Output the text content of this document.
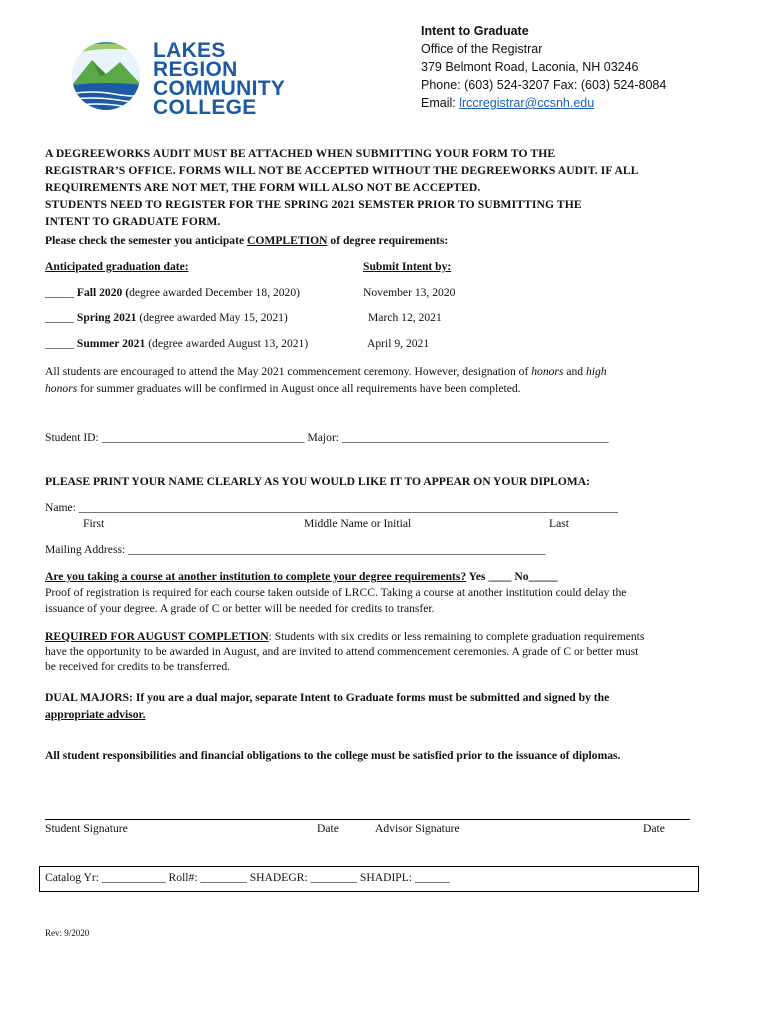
LAKES
REGION
COMMUNITY
COLLEGE
Intent to Graduate
Office of the Registrar
379 Belmont Road, Laconia, NH 03246
Phone: (603) 524-3207 Fax: (603) 524-8084
Email: lrccregistrar@ccsnh.edu
A DEGREEWORKS AUDIT MUST BE ATTACHED WHEN SUBMITTING YOUR FORM TO THE
REGISTRAR’S OFFICE. FORMS WILL NOT BE ACCEPTED WITHOUT THE DEGREEWORKS AUDIT. IF ALL
REQUIREMENTS ARE NOT MET, THE FORM WILL ALSO NOT BE ACCEPTED.
STUDENTS NEED TO REGISTER FOR THE SPRING 2021 SEMSTER PRIOR TO SUBMITTING THE
INTENT TO GRADUATE FORM.
Please check the semester you anticipate COMPLETION of degree requirements:
Anticipated graduation date:	Submit Intent by:
_____ Fall 2020 (degree awarded December 18, 2020)	November 13, 2020
_____ Spring 2021 (degree awarded May 15, 2021)	March 12, 2021
_____ Summer 2021 (degree awarded August 13, 2021)	April 9, 2021
All students are encouraged to attend the May 2021 commencement ceremony. However, designation of honors and high
honors for summer graduates will be confirmed in August once all requirements have been completed.
Student ID: ___________________________________ Major: ______________________________________________
PLEASE PRINT YOUR NAME CLEARLY AS YOU WOULD LIKE IT TO APPEAR ON YOUR DIPLOMA:
Name: _____________________________________________________________________________________________
First	Middle Name or Initial	Last
Mailing Address: ________________________________________________________________________
Are you taking a course at another institution to complete your degree requirements? Yes ____ No_____
Proof of registration is required for each course taken outside of LRCC. Taking a course at another institution could delay the
issuance of your degree. A grade of C or better will be needed for credits to transfer.
REQUIRED FOR AUGUST COMPLETION: Students with six credits or less remaining to complete graduation requirements
have the opportunity to be awarded in August, and are invited to attend commencement ceremonies. A grade of C or better must
be received for credits to be transferred.
DUAL MAJORS: If you are a dual major, separate Intent to Graduate forms must be submitted and signed by the
appropriate advisor.
All student responsibilities and financial obligations to the college must be satisfied prior to the issuance of diplomas.
Student Signature	Date	Advisor Signature	Date
Catalog Yr: ___________ Roll#: ________ SHADEGR: ________ SHADIPL: ______
Rev: 9/2020
